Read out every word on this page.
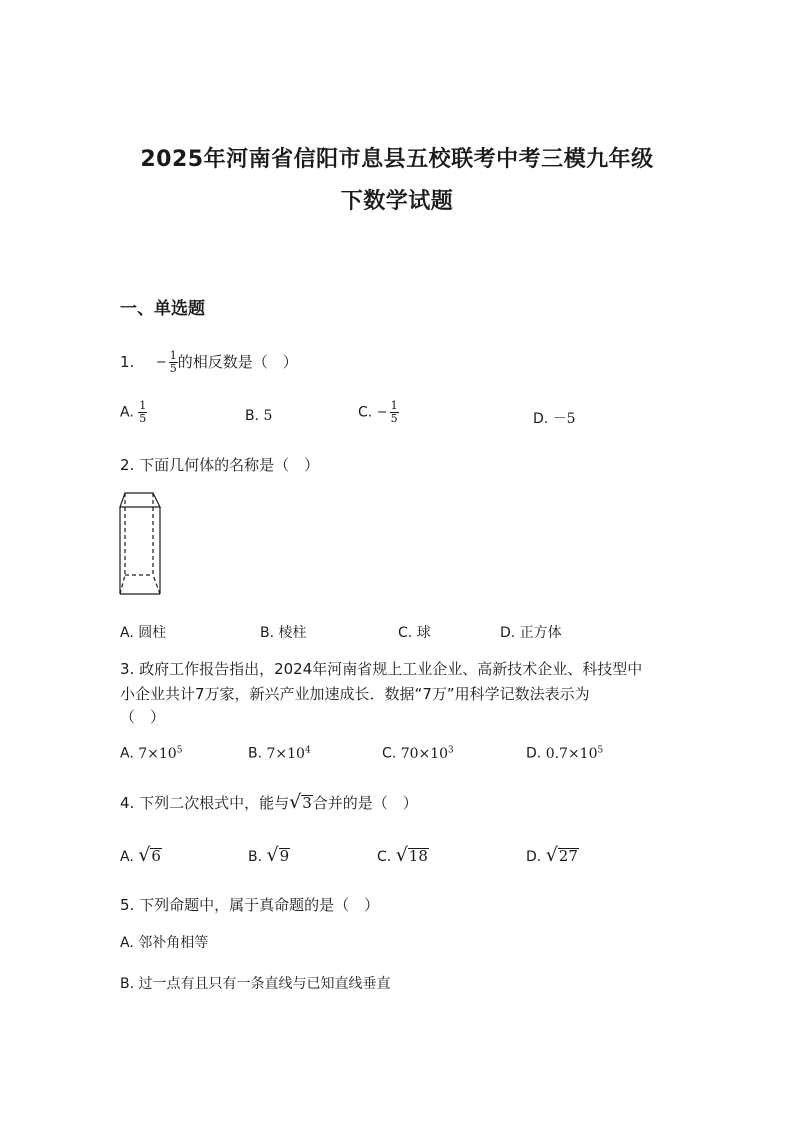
2025年河南省信阳市息县五校联考中考三模九年级
下数学试题
一、单选题
1. − $\frac{1}{5}$ 的相反数是（　）
A. $\frac{1}{5}$	B. 5	C. − $\frac{1}{5}$	D. －5
2. 下面几何体的名称是（　）
A. 圆柱	B. 棱柱	C. 球	D. 正方体
3. 政府工作报告指出，2024年河南省规上工业企业、高新技术企业、科技型中
小企业共计7万家，新兴产业加速成长．数据“7万”用科学记数法表示为
（　）
A. $7\times 10^5$	B. $7\times 10^4$	C. $70\times 10^3$	D. $0.7\times 10^5$
4. 下列二次根式中，能与 √ 3 合并的是（　）
A. √ 6	B. √ 9	C. √ 18	D. √ 27
5. 下列命题中，属于真命题的是（　）
A. 邻补角相等
B. 过一点有且只有一条直线与已知直线垂直
